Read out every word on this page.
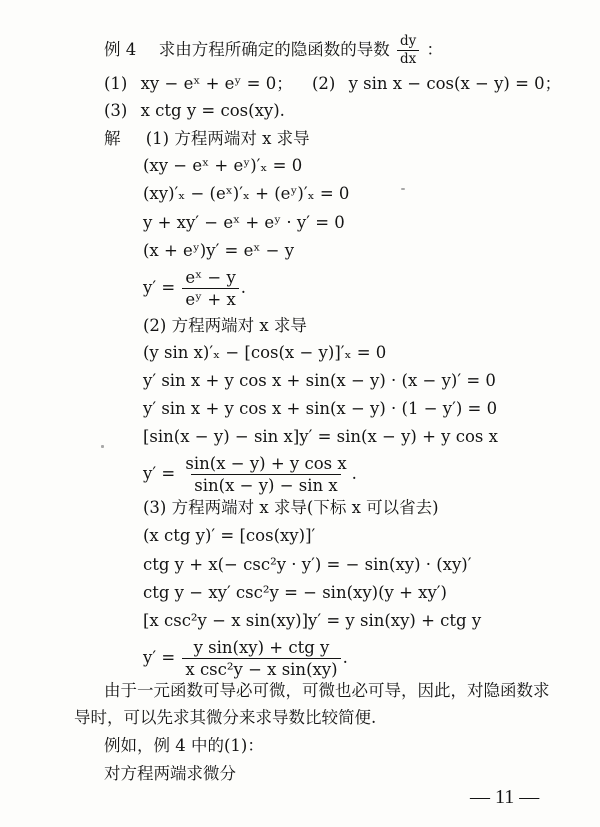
例 4 求由方程所确定的隐函数的导数 $\frac{dy}{dx}$ ：
(1) xy − eˣ + eʸ = 0； (2) y sin x − cos(x − y) = 0；
(3) x ctg y = cos(xy).
解 (1) 方程两端对 x 求导
(xy − eˣ + eʸ)′ₓ = 0
(xy)′ₓ − (eˣ)′ₓ + (eʸ)′ₓ = 0
y + xy′ − eˣ + eʸ · y′ = 0
(x + eʸ)y′ = eˣ − y
$y' = \frac{\text{eˣ − y}}{\text{eʸ + x}}$ .
(2) 方程两端对 x 求导
(y sin x)′ₓ − [cos(x − y)]′ₓ = 0
y′ sin x + y cos x + sin(x − y) · (x − y)′ = 0
y′ sin x + y cos x + sin(x − y) · (1 − y′) = 0
[sin(x − y) − sin x]y′ = sin(x − y) + y cos x
$y' = \frac{\text{sin(x − y) + y cos x}}{\text{sin(x − y) − sin x}}$ .
(3) 方程两端对 x 求导(下标 x 可以省去)
(x ctg y)′ = [cos(xy)]′
ctg y + x(− csc²y · y′) = − sin(xy) · (xy)′
ctg y − xy′ csc²y = − sin(xy)(y + xy′)
[x csc²y − x sin(xy)]y′ = y sin(xy) + ctg y
$y' = \frac{\text{y sin(xy) + ctg y}}{\text{x csc²y − x sin(xy)}}$ .
由于一元函数可导必可微，可微也必可导，因此，对隐函数求
导时，可以先求其微分来求导数比较简便.
例如，例 4 中的(1)：
对方程两端求微分
— 11 —
